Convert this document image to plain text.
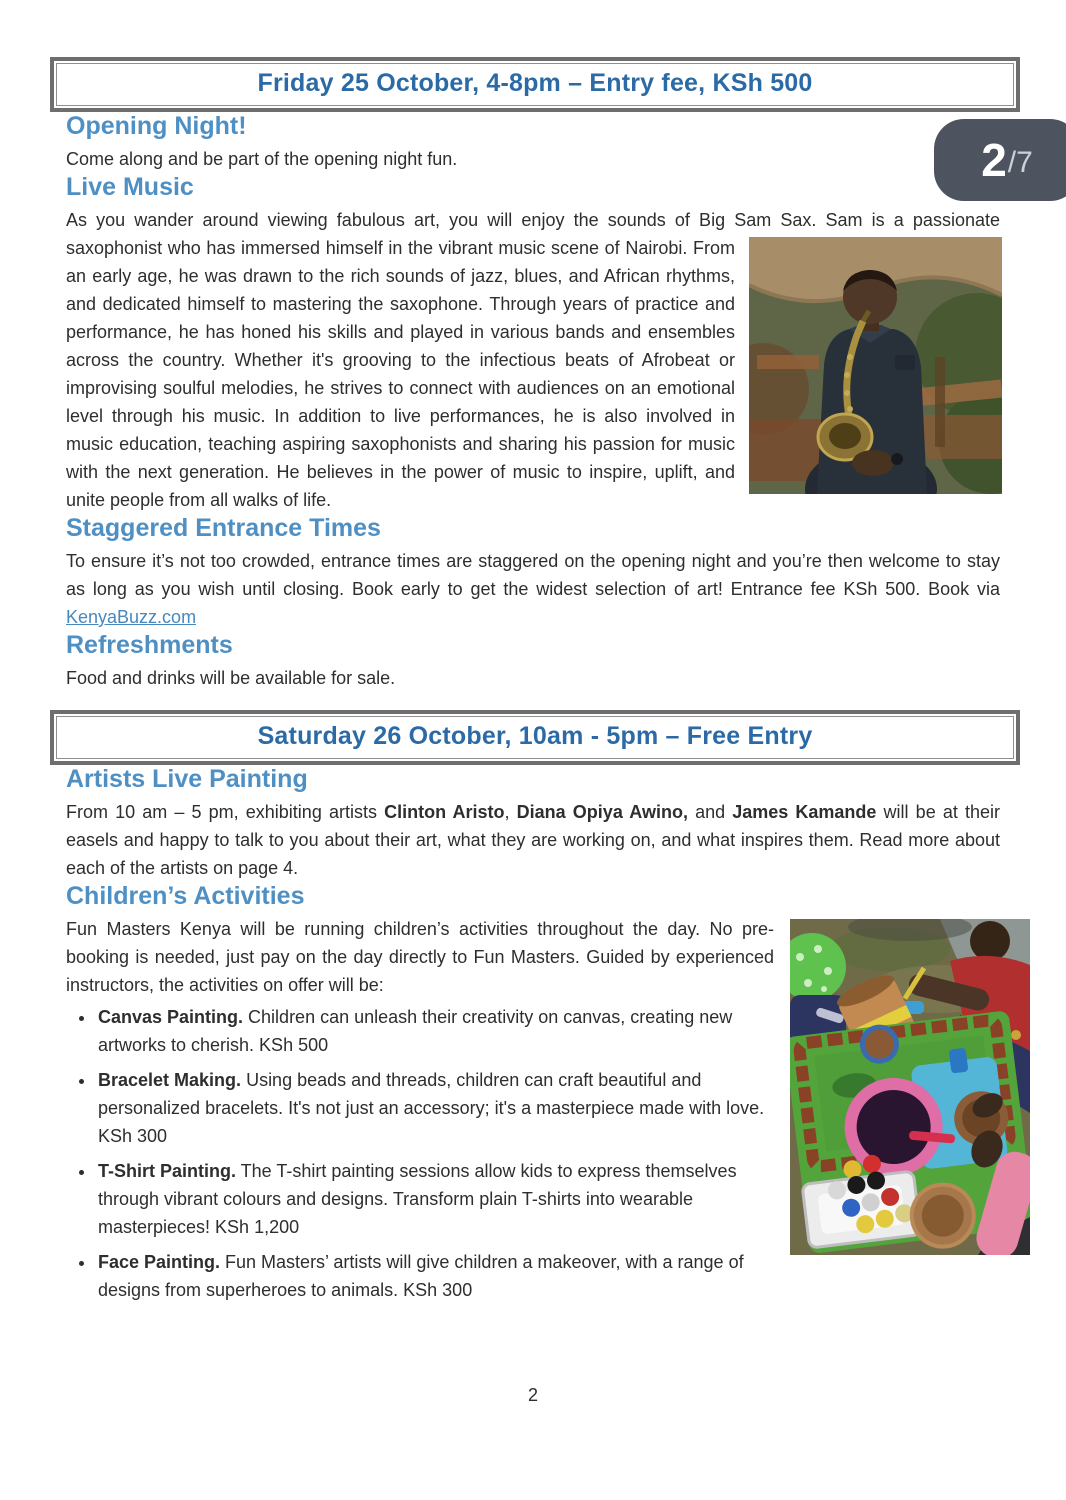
Friday 25 October, 4-8pm – Entry fee, KSh 500
2 /7
Opening Night!

Come along and be part of the opening night fun.

Live Music

As you wander around viewing fabulous art, you will enjoy the sounds of Big Sam Sax. Sam is a passionate
saxophonist who has immersed himself in the vibrant music scene of Nairobi. From an early age, he was drawn to the rich sounds of jazz, blues, and African rhythms, and dedicated himself to mastering the saxophone. Through years of practice and performance, he has honed his skills and played in various bands and ensembles across the country. Whether it's grooving to the infectious beats of Afrobeat or improvising soulful melodies, he strives to connect with audiences on an emotional level through his music. In addition to live performances, he is also involved in music education, teaching aspiring saxophonists and sharing his passion for music with the next generation. He believes in the power of music to inspire, uplift, and unite people from all walks of life.

Staggered Entrance Times

To ensure it’s not too crowded, entrance times are staggered on the opening night and you’re then welcome to stay as long as you wish until closing. Book early to get the widest selection of art! Entrance fee KSh 500. Book via KenyaBuzz.com

Refreshments

Food and drinks will be available for sale.

Saturday 26 October, 10am - 5pm – Free Entry
Artists Live Painting

From 10 am – 5 pm, exhibiting artists Clinton Aristo, Diana Opiya Awino, and James Kamande will be at their easels and happy to talk to you about their art, what they are working on, and what inspires them. Read more about each of the artists on page 4.

Children’s Activities

Fun Masters Kenya will be running children’s activities throughout the day. No pre-booking is needed, just pay on the day directly to Fun Masters. Guided by experienced instructors, the activities on offer will be:

• Canvas Painting. Children can unleash their creativity on canvas, creating new artworks to cherish. KSh 500
• Bracelet Making. Using beads and threads, children can craft beautiful and personalized bracelets. It's not just an accessory; it's a masterpiece made with love. KSh 300
• T-Shirt Painting. The T-shirt painting sessions allow kids to express themselves through vibrant colours and designs. Transform plain T-shirts into wearable masterpieces! KSh 1,200
• Face Painting. Fun Masters’ artists will give children a makeover, with a range of designs from superheroes to animals. KSh 300
2
